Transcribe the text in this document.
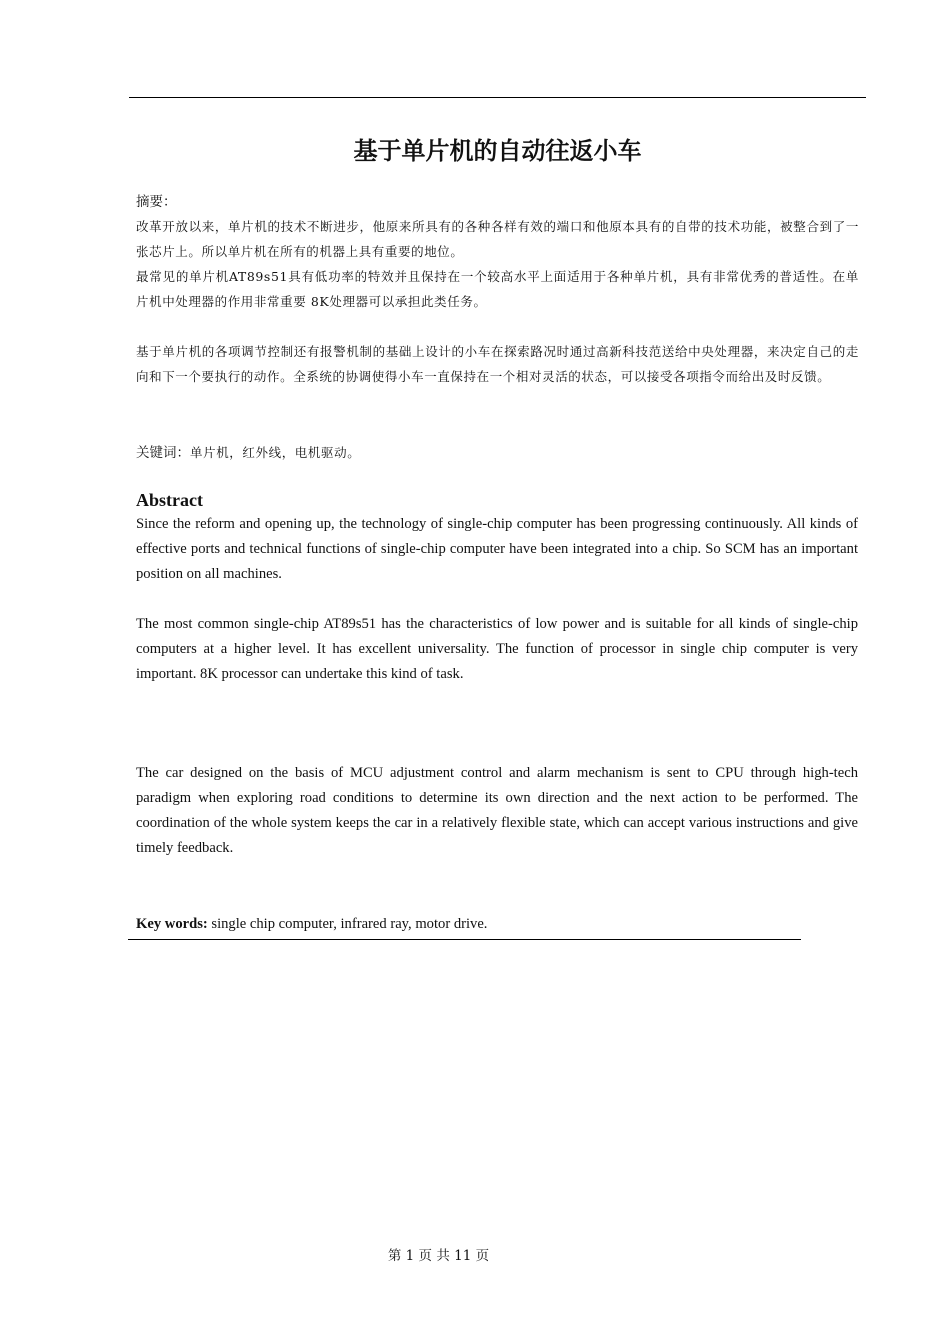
基于单片机的自动往返小车
摘要：
改革开放以来，单片机的技术不断进步，他原来所具有的各种各样有效的端口和他原本具有的自带的技术功能，被整合到了一张芯片上。所以单片机在所有的机器上具有重要的地位。
最常见的单片机AT89s51具有低功率的特效并且保持在一个较高水平上面适用于各种单片机，具有非常优秀的普适性。在单片机中处理器的作用非常重要 8K处理器可以承担此类任务。
基于单片机的各项调节控制还有报警机制的基础上设计的小车在探索路况时通过高新科技范送给中央处理器，来决定自己的走向和下一个要执行的动作。全系统的协调使得小车一直保持在一个相对灵活的状态，可以接受各项指令而给出及时反馈。
关键词：单片机，红外线，电机驱动。
Abstract
Since the reform and opening up, the technology of single-chip computer has been progressing continuously. All kinds of effective ports and technical functions of single-chip computer have been integrated into a chip. So SCM has an important position on all machines.
The most common single-chip AT89s51 has the characteristics of low power and is suitable for all kinds of single-chip computers at a higher level. It has excellent universality. The function of processor in single chip computer is very important. 8K processor can undertake this kind of task.
The car designed on the basis of MCU adjustment control and alarm mechanism is sent to CPU through high-tech paradigm when exploring road conditions to determine its own direction and the next action to be performed. The coordination of the whole system keeps the car in a relatively flexible state, which can accept various instructions and give timely feedback.
Key words: single chip computer, infrared ray, motor drive.
第 1 页 共 11 页
